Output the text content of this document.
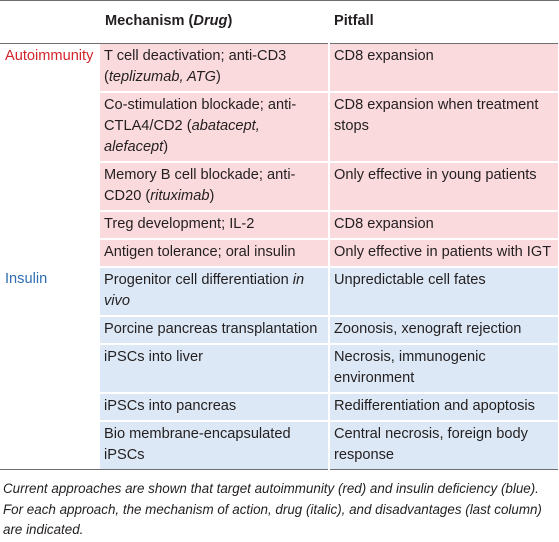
	Mechanism (Drug)	Pitfall
Autoimmunity	T cell deactivation; anti-CD3 (teplizumab, ATG)	CD8 expansion
	Co-stimulation blockade; anti-CTLA4/CD2 (abatacept, alefacept)	CD8 expansion when treatment stops
	Memory B cell blockade; anti-CD20 (rituximab)	Only effective in young patients
	Treg development; IL-2	CD8 expansion
	Antigen tolerance; oral insulin	Only effective in patients with IGT
Insulin	Progenitor cell differentiation in vivo	Unpredictable cell fates
	Porcine pancreas transplantation	Zoonosis, xenograft rejection
	iPSCs into liver	Necrosis, immunogenic environment
	iPSCs into pancreas	Redifferentiation and apoptosis
	Bio membrane-encapsulated iPSCs	Central necrosis, foreign body response
Current approaches are shown that target autoimmunity (red) and insulin deficiency (blue). For each approach, the mechanism of action, drug (italic), and disadvantages (last column) are indicated.
